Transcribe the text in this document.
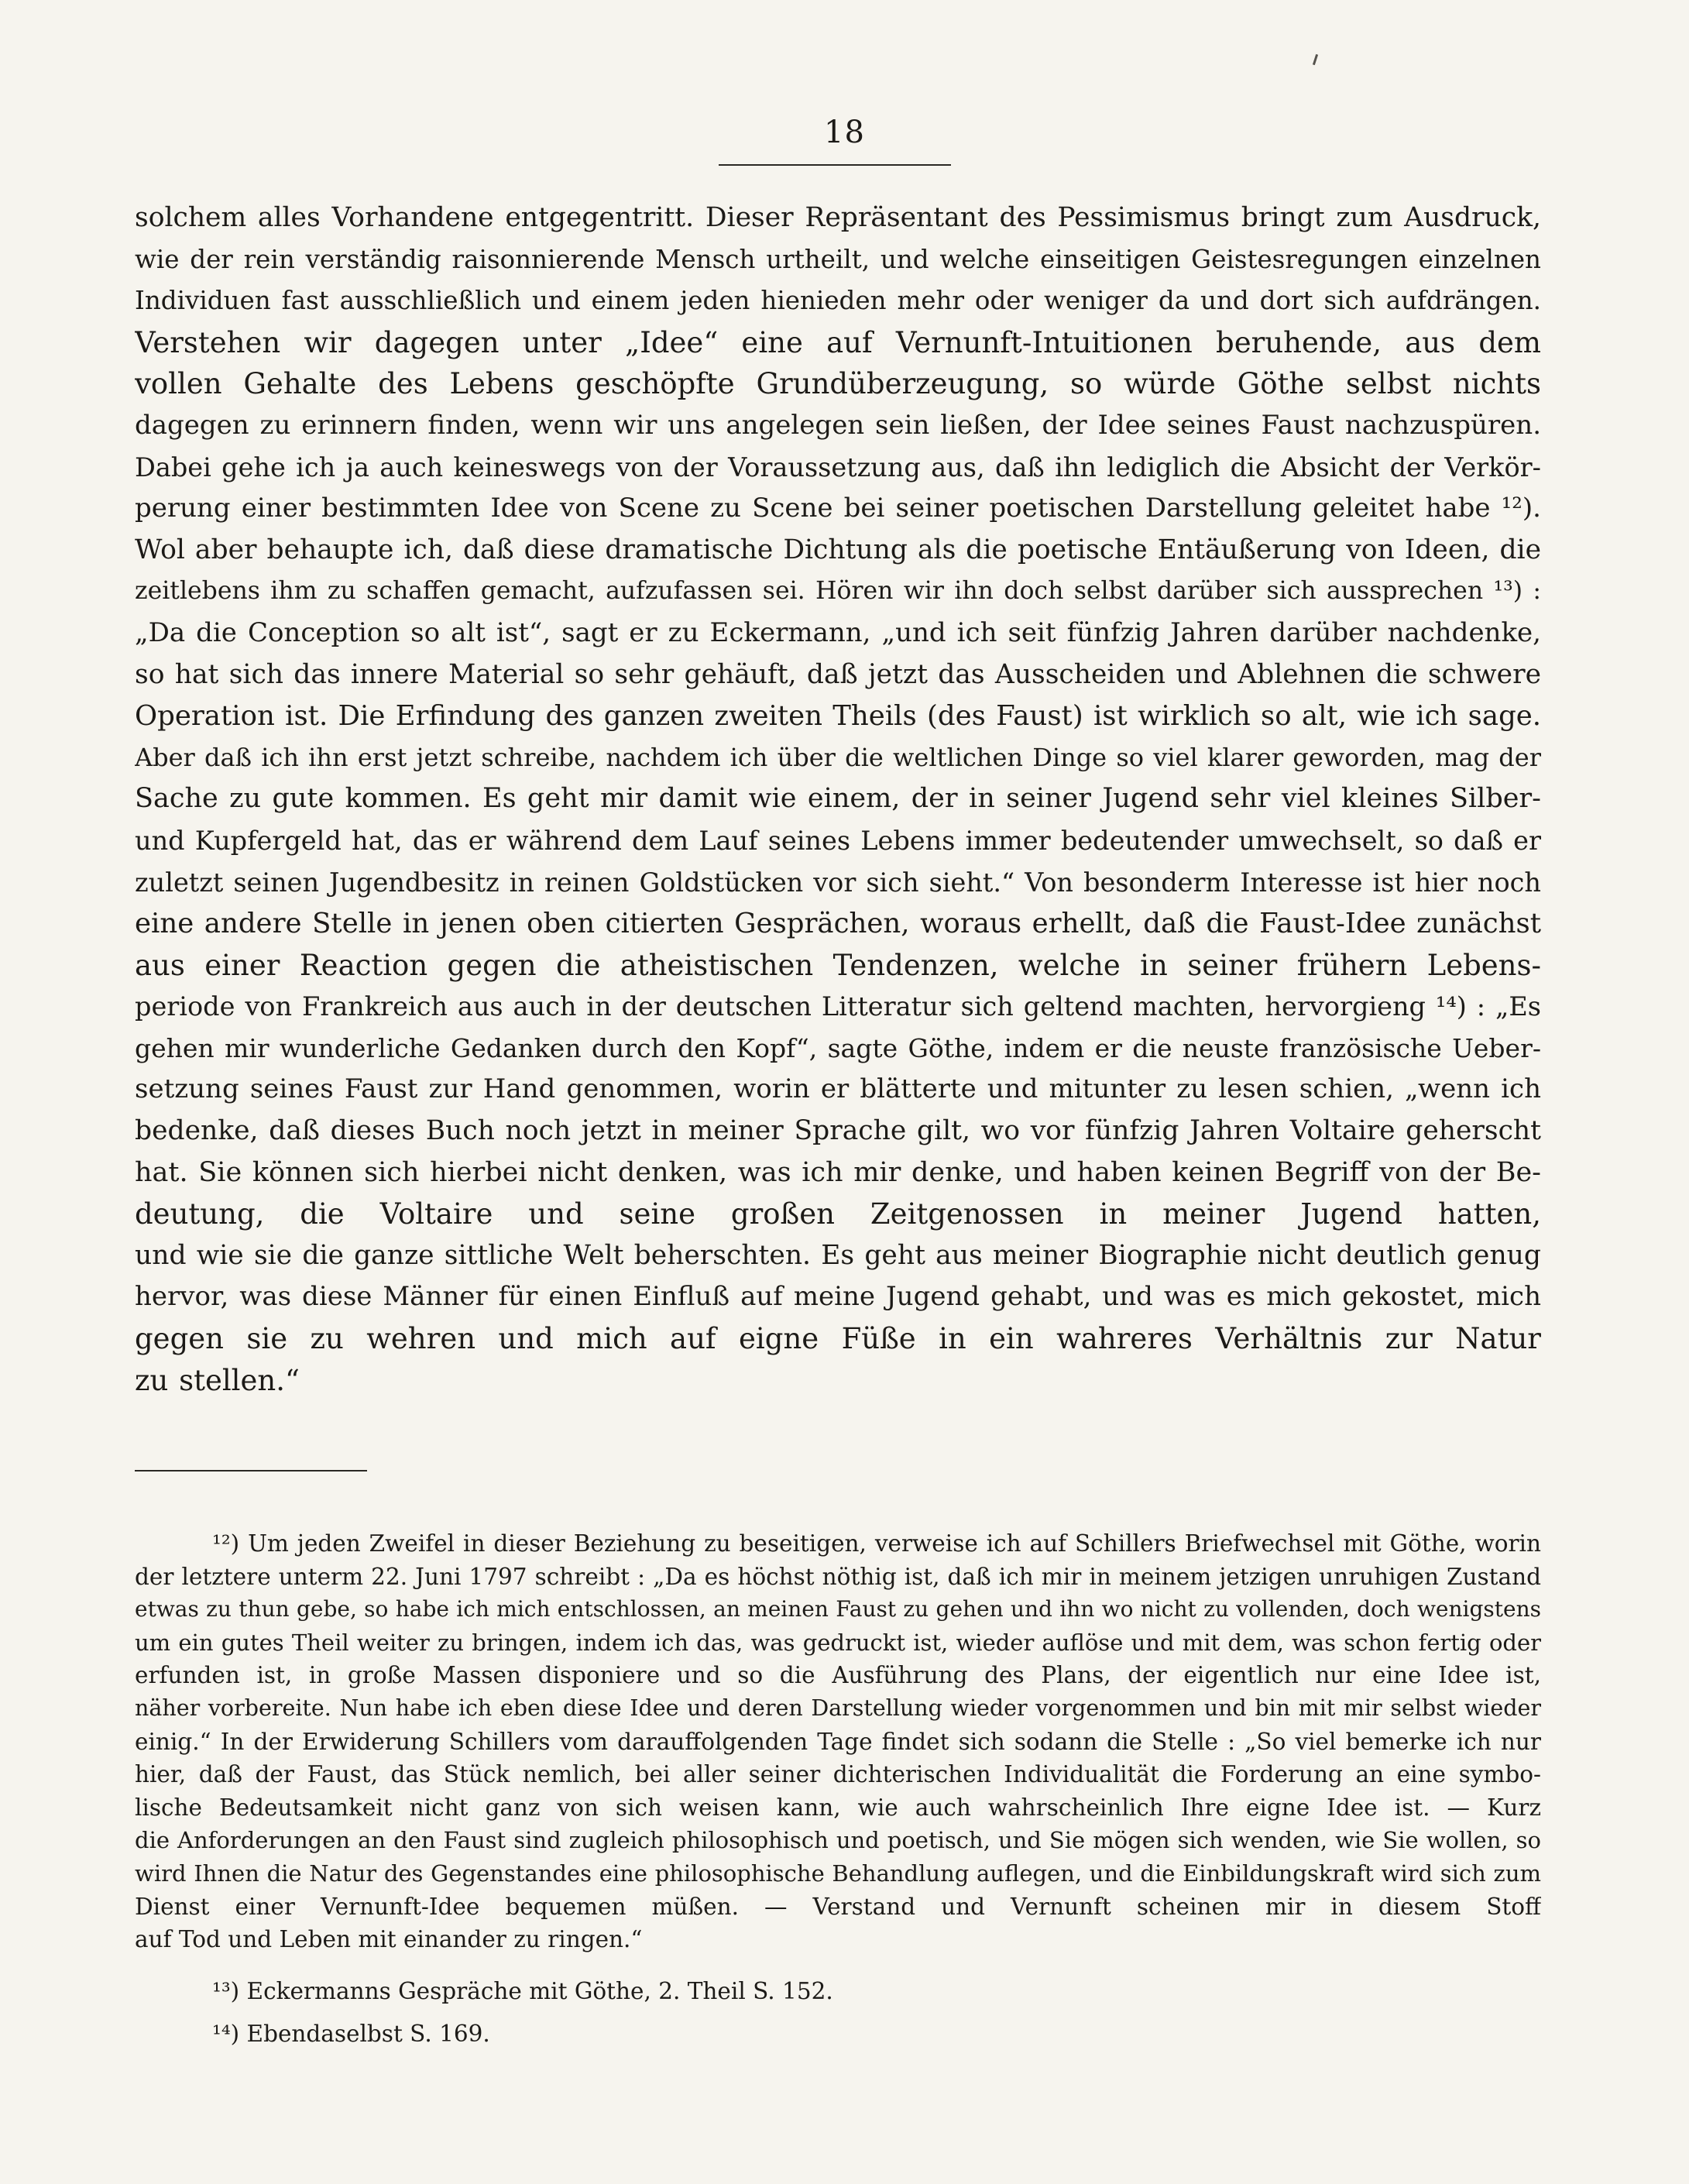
18
solchem alles Vorhandene entgegentritt. Dieser Repräsentant des Pessimismus bringt zum Ausdruck,
wie der rein verständig raisonnierende Mensch urtheilt, und welche einseitigen Geistesregungen einzelnen
Individuen fast ausschließlich und einem jeden hienieden mehr oder weniger da und dort sich aufdrängen.
Verstehen wir dagegen unter „Idee“ eine auf Vernunft-Intuitionen beruhende, aus dem
vollen Gehalte des Lebens geschöpfte Grundüberzeugung, so würde Göthe selbst nichts
dagegen zu erinnern finden, wenn wir uns angelegen sein ließen, der Idee seines Faust nachzuspüren.
Dabei gehe ich ja auch keineswegs von der Voraussetzung aus, daß ihn lediglich die Absicht der Verkör-
perung einer bestimmten Idee von Scene zu Scene bei seiner poetischen Darstellung geleitet habe ¹²).
Wol aber behaupte ich, daß diese dramatische Dichtung als die poetische Entäußerung von Ideen, die
zeitlebens ihm zu schaffen gemacht, aufzufassen sei. Hören wir ihn doch selbst darüber sich aussprechen ¹³) :
„Da die Conception so alt ist“, sagt er zu Eckermann, „und ich seit fünfzig Jahren darüber nachdenke,
so hat sich das innere Material so sehr gehäuft, daß jetzt das Ausscheiden und Ablehnen die schwere
Operation ist. Die Erfindung des ganzen zweiten Theils (des Faust) ist wirklich so alt, wie ich sage.
Aber daß ich ihn erst jetzt schreibe, nachdem ich über die weltlichen Dinge so viel klarer geworden, mag der
Sache zu gute kommen. Es geht mir damit wie einem, der in seiner Jugend sehr viel kleines Silber-
und Kupfergeld hat, das er während dem Lauf seines Lebens immer bedeutender umwechselt, so daß er
zuletzt seinen Jugendbesitz in reinen Goldstücken vor sich sieht.“ Von besonderm Interesse ist hier noch
eine andere Stelle in jenen oben citierten Gesprächen, woraus erhellt, daß die Faust-Idee zunächst
aus einer Reaction gegen die atheistischen Tendenzen, welche in seiner frühern Lebens-
periode von Frankreich aus auch in der deutschen Litteratur sich geltend machten, hervorgieng ¹⁴) : „Es
gehen mir wunderliche Gedanken durch den Kopf“, sagte Göthe, indem er die neuste französische Ueber-
setzung seines Faust zur Hand genommen, worin er blätterte und mitunter zu lesen schien, „wenn ich
bedenke, daß dieses Buch noch jetzt in meiner Sprache gilt, wo vor fünfzig Jahren Voltaire geherscht
hat. Sie können sich hierbei nicht denken, was ich mir denke, und haben keinen Begriff von der Be-
deutung, die Voltaire und seine großen Zeitgenossen in meiner Jugend hatten,
und wie sie die ganze sittliche Welt beherschten. Es geht aus meiner Biographie nicht deutlich genug
hervor, was diese Männer für einen Einfluß auf meine Jugend gehabt, und was es mich gekostet, mich
gegen sie zu wehren und mich auf eigne Füße in ein wahreres Verhältnis zur Natur
zu stellen.“
¹²) Um jeden Zweifel in dieser Beziehung zu beseitigen, verweise ich auf Schillers Briefwechsel mit Göthe, worin
der letztere unterm 22. Juni 1797 schreibt : „Da es höchst nöthig ist, daß ich mir in meinem jetzigen unruhigen Zustand
etwas zu thun gebe, so habe ich mich entschlossen, an meinen Faust zu gehen und ihn wo nicht zu vollenden, doch wenigstens
um ein gutes Theil weiter zu bringen, indem ich das, was gedruckt ist, wieder auflöse und mit dem, was schon fertig oder
erfunden ist, in große Massen disponiere und so die Ausführung des Plans, der eigentlich nur eine Idee ist,
näher vorbereite. Nun habe ich eben diese Idee und deren Darstellung wieder vorgenommen und bin mit mir selbst wieder
einig.“ In der Erwiderung Schillers vom darauffolgenden Tage findet sich sodann die Stelle : „So viel bemerke ich nur
hier, daß der Faust, das Stück nemlich, bei aller seiner dichterischen Individualität die Forderung an eine symbo-
lische Bedeutsamkeit nicht ganz von sich weisen kann, wie auch wahrscheinlich Ihre eigne Idee ist. — Kurz
die Anforderungen an den Faust sind zugleich philosophisch und poetisch, und Sie mögen sich wenden, wie Sie wollen, so
wird Ihnen die Natur des Gegenstandes eine philosophische Behandlung auflegen, und die Einbildungskraft wird sich zum
Dienst einer Vernunft-Idee bequemen müßen. — Verstand und Vernunft scheinen mir in diesem Stoff
auf Tod und Leben mit einander zu ringen.“
¹³) Eckermanns Gespräche mit Göthe, 2. Theil S. 152.
¹⁴) Ebendaselbst S. 169.
